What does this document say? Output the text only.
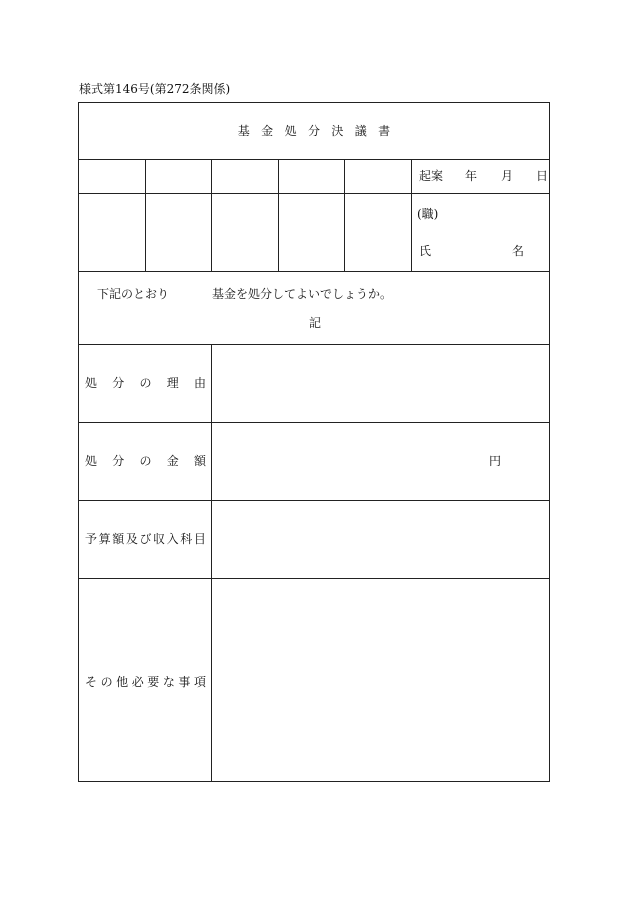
様式第146号(第272条関係)
基金処分決議書
起案 年 月 日
(職)
氏	名
下記のとおり	基金を処分してよいでしょうか。
記
処 分 の 理 由
処 分 の 金 額	円
予 算 額 及 び 収 入 科 目
そ の 他 必 要 な 事 項
